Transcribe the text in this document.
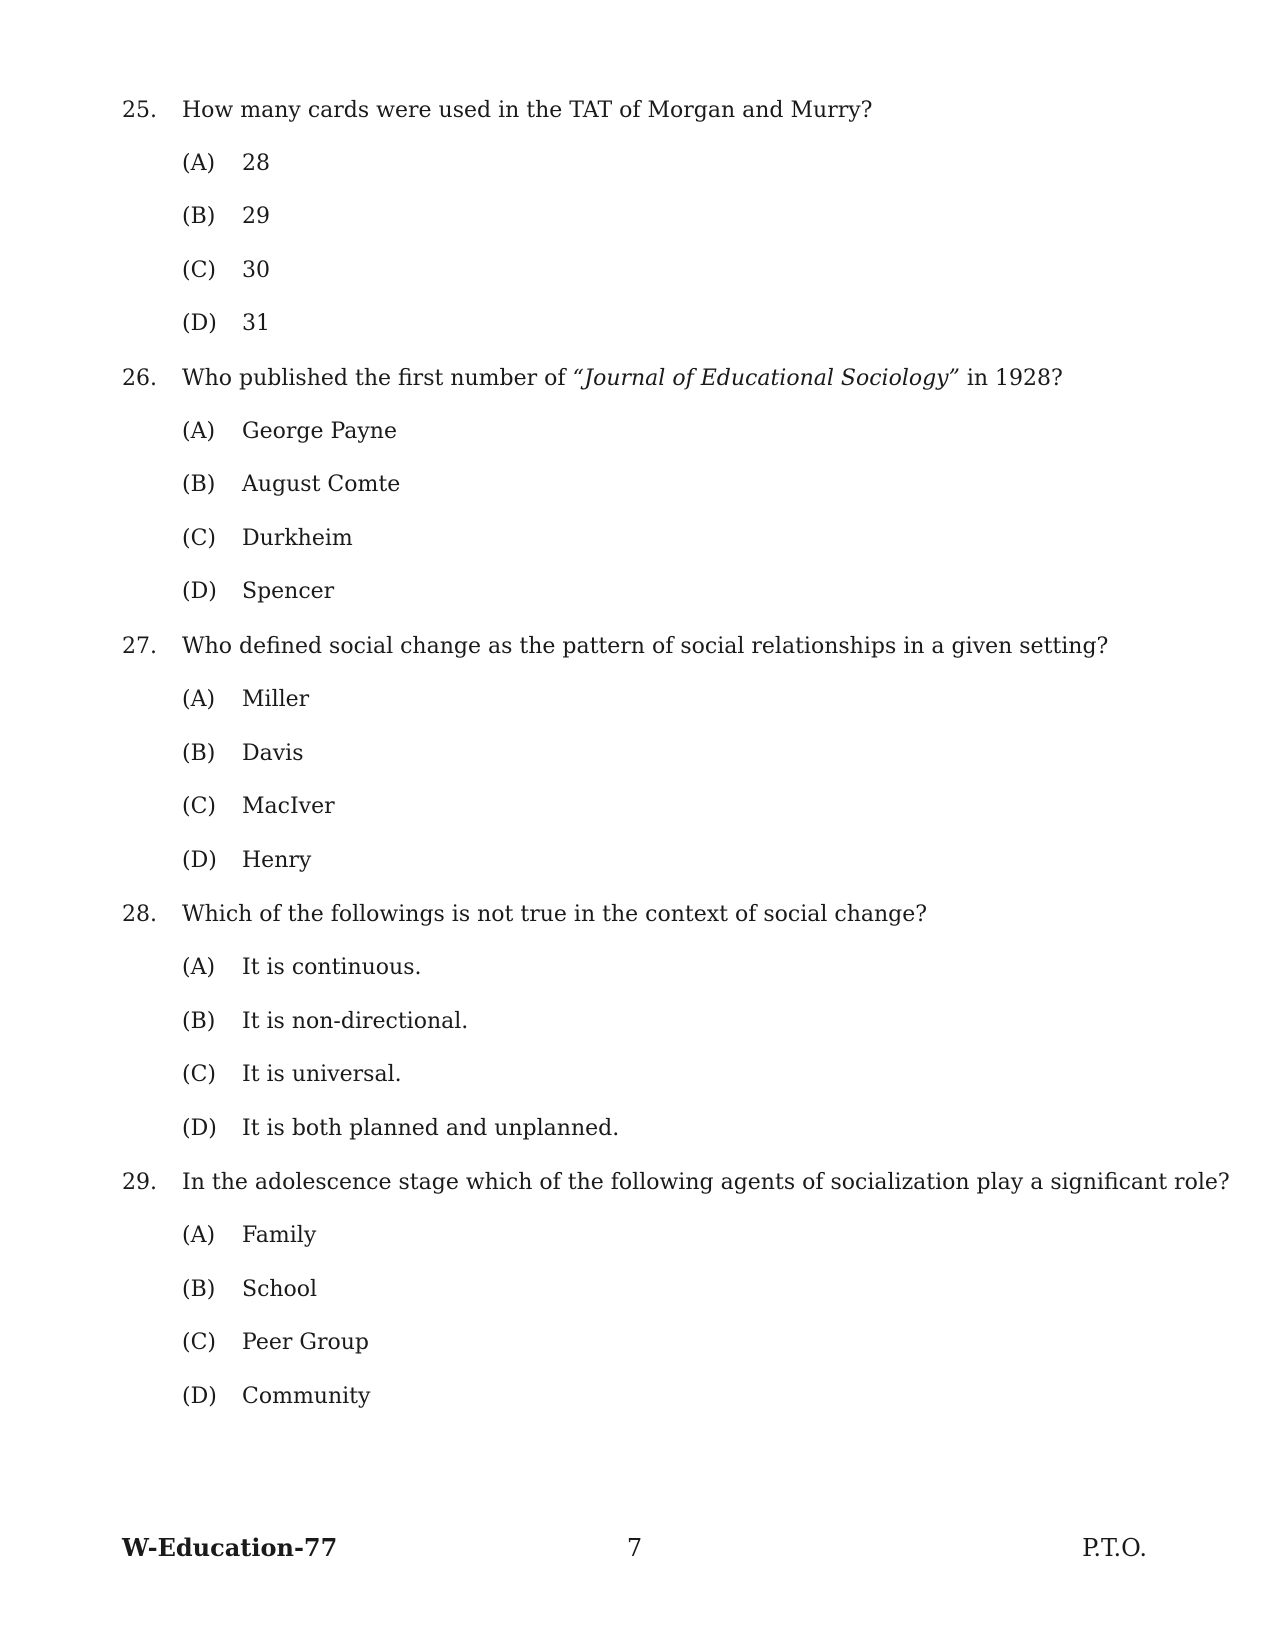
25.	How many cards were used in the TAT of Morgan and Murry?
(A)	28
(B)	29
(C)	30
(D)	31
26.	Who published the first number of “Journal of Educational Sociology” in 1928?
(A)	George Payne
(B)	August Comte
(C)	Durkheim
(D)	Spencer
27.	Who defined social change as the pattern of social relationships in a given setting?
(A)	Miller
(B)	Davis
(C)	MacIver
(D)	Henry
28.	Which of the followings is not true in the context of social change?
(A)	It is continuous.
(B)	It is non-directional.
(C)	It is universal.
(D)	It is both planned and unplanned.
29.	In the adolescence stage which of the following agents of socialization play a significant role?
(A)	Family
(B)	School
(C)	Peer Group
(D)	Community
W-Education-77	7	P.T.O.
